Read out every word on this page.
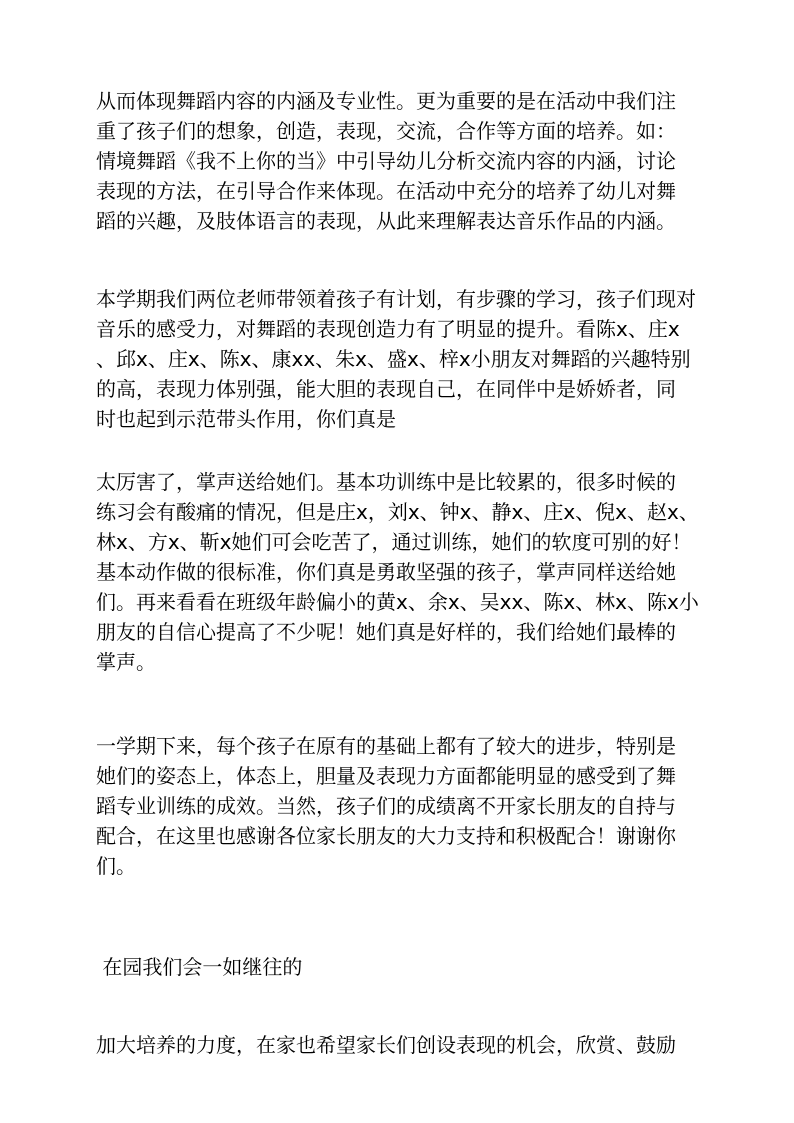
从而体现舞蹈内容的内涵及专业性。更为重要的是在活动中我们注
重了孩子们的想象，创造，表现，交流，合作等方面的培养。如：
情境舞蹈《我不上你的当》中引导幼儿分析交流内容的内涵，讨论
表现的方法，在引导合作来体现。在活动中充分的培养了幼儿对舞
蹈的兴趣，及肢体语言的表现，从此来理解表达音乐作品的内涵。
本学期我们两位老师带领着孩子有计划，有步骤的学习，孩子们现对
音乐的感受力，对舞蹈的表现创造力有了明显的提升。看陈x、庄x
、邱x、庄x、陈x、康xx、朱x、盛x、梓x小朋友对舞蹈的兴趣特别
的高，表现力体别强，能大胆的表现自己，在同伴中是娇娇者，同
时也起到示范带头作用，你们真是
太厉害了，掌声送给她们。基本功训练中是比较累的，很多时候的
练习会有酸痛的情况，但是庄x，刘x、钟x、静x、庄x、倪x、赵x、
林x、方x、靳x她们可会吃苦了，通过训练，她们的软度可别的好！
基本动作做的很标准，你们真是勇敢坚强的孩子，掌声同样送给她
们。再来看看在班级年龄偏小的黄x、余x、吴xx、陈x、林x、陈x小
朋友的自信心提高了不少呢！她们真是好样的，我们给她们最棒的
掌声。
一学期下来，每个孩子在原有的基础上都有了较大的进步，特别是
她们的姿态上，体态上，胆量及表现力方面都能明显的感受到了舞
蹈专业训练的成效。当然，孩子们的成绩离不开家长朋友的自持与
配合，在这里也感谢各位家长朋友的大力支持和积极配合！谢谢你
们。

在园我们会一如继往的

加大培养的力度，在家也希望家长们创设表现的机会，欣赏、鼓励
